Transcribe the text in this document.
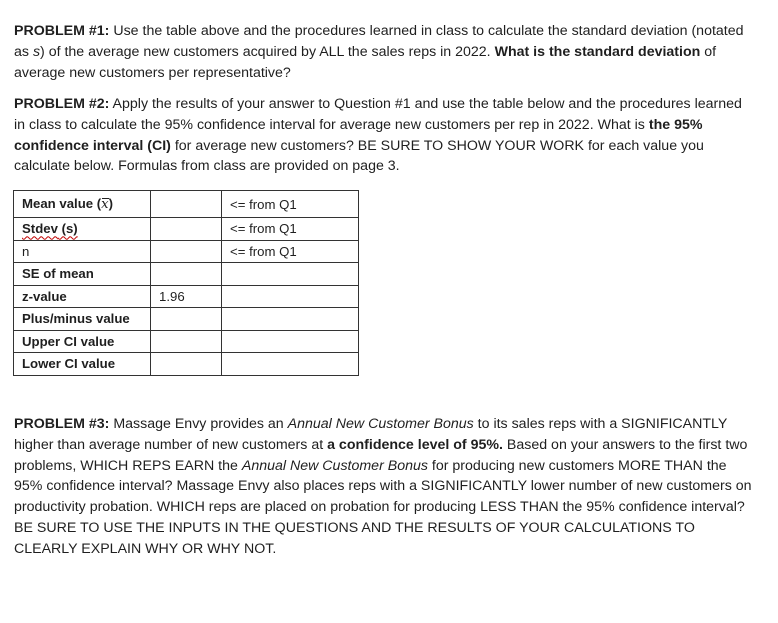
PROBLEM #1: Use the table above and the procedures learned in class to calculate the standard deviation (notated as s) of the average new customers acquired by ALL the sales reps in 2022. What is the standard deviation of average new customers per representative?

PROBLEM #2: Apply the results of your answer to Question #1 and use the table below and the procedures learned in class to calculate the 95% confidence interval for average new customers per rep in 2022. What is the 95% confidence interval (CI) for average new customers? BE SURE TO SHOW YOUR WORK for each value you calculate below. Formulas from class are provided on page 3.

Mean value (x)		<= from Q1
Stdev (s)		<= from Q1
n		<= from Q1
SE of mean		
z-value	1.96	
Plus/minus value		
Upper CI value		
Lower CI value		

PROBLEM #3: Massage Envy provides an Annual New Customer Bonus to its sales reps with a SIGNIFICANTLY higher than average number of new customers at a confidence level of 95%. Based on your answers to the first two problems, WHICH REPS EARN the Annual New Customer Bonus for producing new customers MORE THAN the 95% confidence interval? Massage Envy also places reps with a SIGNIFICANTLY lower number of new customers on productivity probation. WHICH reps are placed on probation for producing LESS THAN the 95% confidence interval? BE SURE TO USE THE INPUTS IN THE QUESTIONS AND THE RESULTS OF YOUR CALCULATIONS TO CLEARLY EXPLAIN WHY OR WHY NOT.
